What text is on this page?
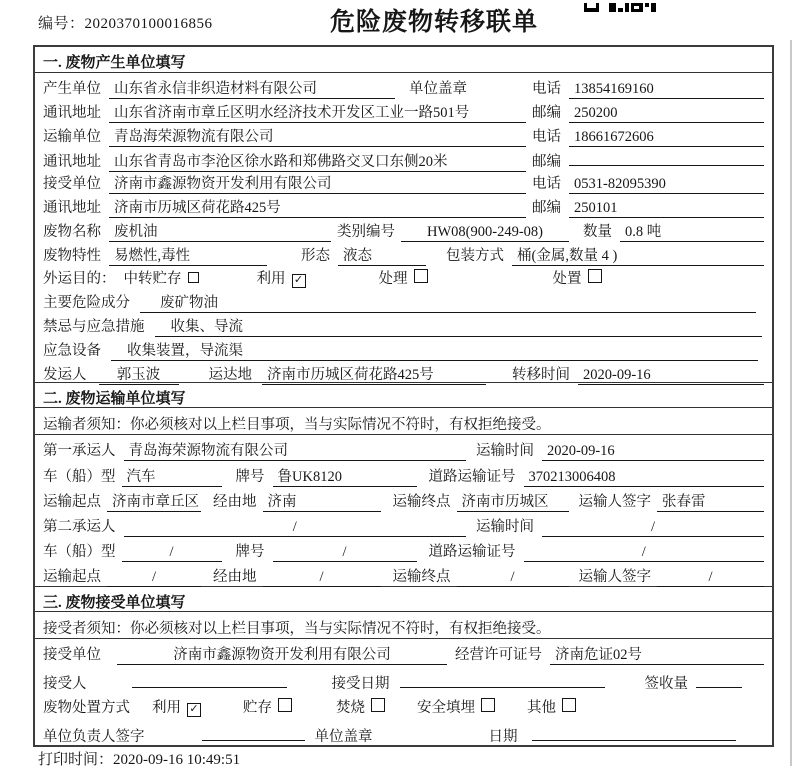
编号：2020370100016856	危险废物转移联单
一. 废物产生单位填写
产生单位 山东省永信非织造材料有限公司	单位盖章	电话 13854169160
通讯地址 山东省济南市章丘区明水经济技术开发区工业一路501号	邮编 250200
运输单位 青岛海荣源物流有限公司	电话 18661672606
通讯地址 山东省青岛市李沧区徐水路和郑佛路交叉口东侧20米	邮编
接受单位 济南市鑫源物资开发利用有限公司	电话 0531-82095390
通讯地址 济南市历城区荷花路425号	邮编 250101
废物名称 废机油	类别编号	HW08(900-249-08)	数量 0.8 吨
废物特性 易燃性,毒性	形态 液态	包装方式 桶(金属,数量 4 )
外运目的： 中转贮存	利用 ✓	处理	处置
主要危险成分	废矿物油
禁忌与应急措施	收集、导流
应急设备	收集装置，导流渠
发运人	郭玉波	运达地	济南市历城区荷花路425号	转移时间 2020-09-16
二. 废物运输单位填写
运输者须知：你必须核对以上栏目事项，当与实际情况不符时，有权拒绝接受。
第一承运人 青岛海荣源物流有限公司	运输时间 2020-09-16
车（船）型 汽车	牌号 鲁UK8120	道路运输证号 370213006408
运输起点 济南市章丘区 经由地 济南	运输终点 济南市历城区	运输人签字 张春雷
第二承运人	/	运输时间	/
车（船）型	/	牌号	/	道路运输证号	/
运输起点	/	经由地	/	运输终点	/	运输人签字	/
三. 废物接受单位填写
接受者须知：你必须核对以上栏目事项，当与实际情况不符时，有权拒绝接受。
接受单位	济南市鑫源物资开发利用有限公司	经营许可证号 济南危证02号
接受人	接受日期	签收量
废物处置方式 利用 ✓	贮存	焚烧	安全填埋	其他
单位负责人签字	单位盖章	日期
打印时间：2020-09-16 10:49:51
